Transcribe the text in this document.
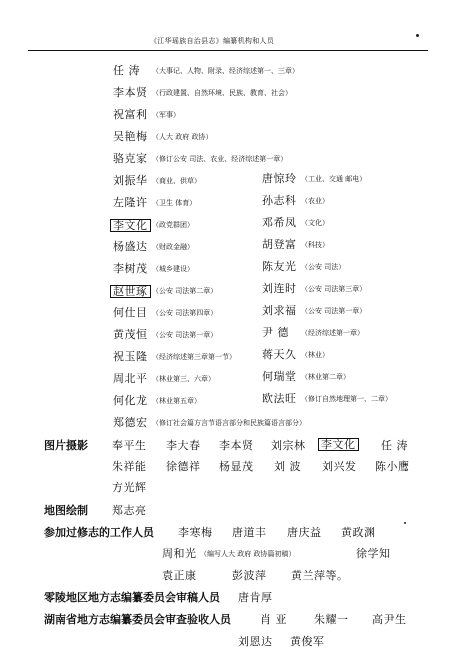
《江华瑶族自治县志》编纂机构和人员
任 涛 （大事记、人物、附录、经济综述第一、三章）
李本贤 （行政建置、自然环境、民族、教育、社会）
祝富利 （军事）
吴艳梅 （人大 政府 政协）
骆克家 （修订公安 司法、农业、经济综述第一章）
刘振华 （商业、供草）	唐惊玲 （工业、交通 邮电）
左隆许 （卫生 体育）	孙志科 （农业）
李文化 （政党群团）	邓希凤 （文化）
杨盛达 （财政金融）	胡登富 （科技）
李树茂 （城乡建设）	陈友光 （公安 司法）
赵世琢 （公安 司法第二章）	刘连时 （公安 司法第三章）
何仕目 （公安 司法第四章）	刘求福 （公安 司法第一章）
黄茂恒 （公安 司法第一章）	尹 德 （经济综述第一章）
祝玉隆 （经济综述第三章第一节） 蒋天久 （林业）
周北平 （林业第三、六章）	何瑞堂 （林业第二章）
何化龙 （林业第五章）	欧法旺 （修订自然地理第一、二章）
郑德宏 （修订社会篇方言节语言部分和民族篇语言部分）
图片摄影 奉平生 李大春 李本贤 刘宗林 李文化 任 涛
朱祥能 徐德祥 杨显茂 刘 波 刘兴发 陈小鹰
方光辉
地图绘制 郑志亮
参加过修志的工作人员 李寒梅 唐道丰 唐庆益 黄政渊
周和光 （编写人大 政府 政协篇初稿）	徐学知
袁正康	彭波萍 黄兰萍等。
零陵地区地方志编纂委员会审稿人员 唐肯厚
湖南省地方志编纂委员会审查验收人员	肖 亚 朱耀一 高尹生
刘恩达 黄俊军
